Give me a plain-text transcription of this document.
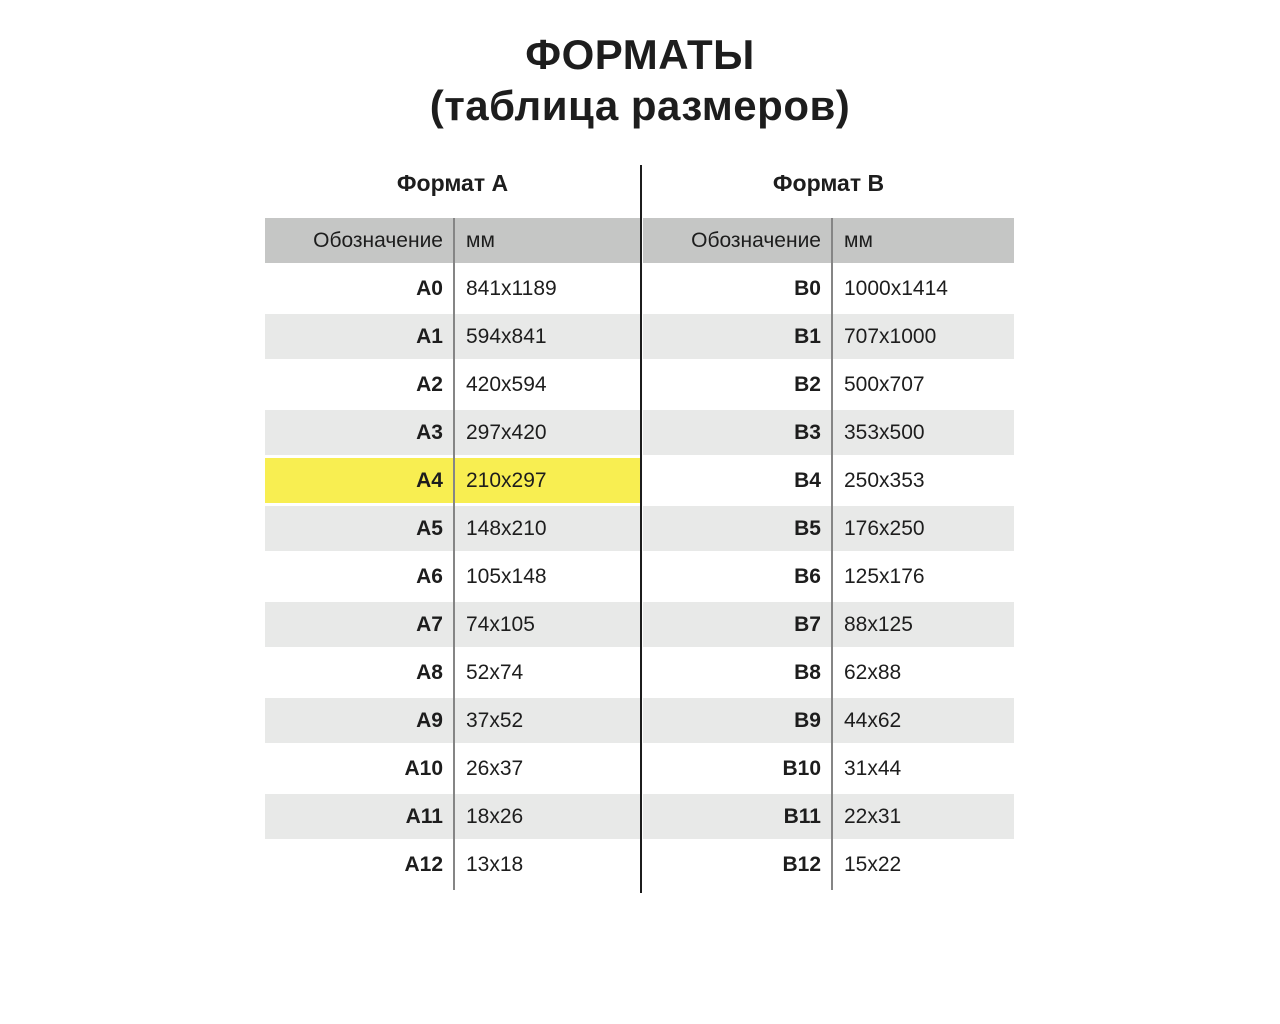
ФОРМАТЫ
(таблица размеров)
Формат А	Формат В
Обозначение	мм
A0	841x1189
A1	594x841
A2	420x594
A3	297x420
A4	210x297
A5	148x210
A6	105x148
A7	74x105
A8	52x74
A9	37x52
A10	26x37
A11	18x26
A12	13x18
Обозначение	мм
B0	1000x1414
B1	707x1000
B2	500x707
B3	353x500
B4	250x353
B5	176x250
B6	125x176
B7	88x125
B8	62x88
B9	44x62
B10	31x44
B11	22x31
B12	15x22
